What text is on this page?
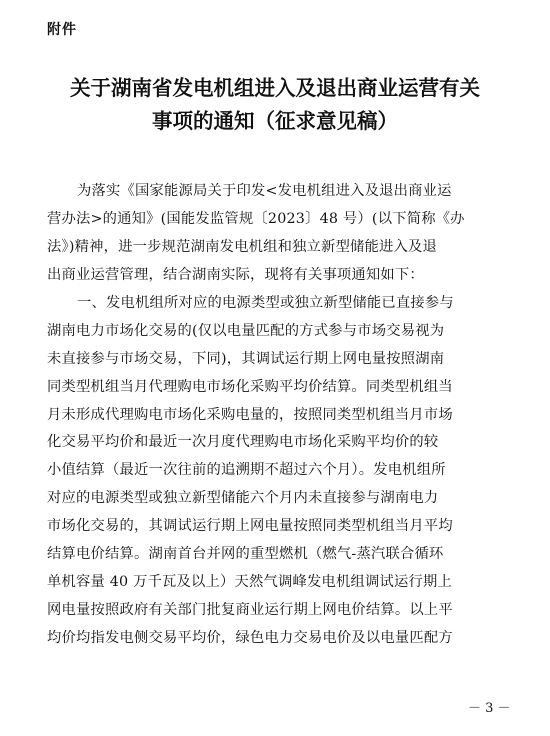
附件
关于湖南省发电机组进入及退出商业运营有关
事项的通知（征求意见稿）
为落实《国家能源局关于印发<发电机组进入及退出商业运
营办法>的通知》(国能发监管规〔2023〕48 号）(以下简称《办
法》)精神，进一步规范湖南发电机组和独立新型储能进入及退
出商业运营管理，结合湖南实际，现将有关事项通知如下：
一、发电机组所对应的电源类型或独立新型储能已直接参与
湖南电力市场化交易的(仅以电量匹配的方式参与市场交易视为
未直接参与市场交易，下同)，其调试运行期上网电量按照湖南
同类型机组当月代理购电市场化采购平均价结算。同类型机组当
月未形成代理购电市场化采购电量的，按照同类型机组当月市场
化交易平均价和最近一次月度代理购电市场化采购平均价的较
小值结算（最近一次往前的追溯期不超过六个月）。发电机组所
对应的电源类型或独立新型储能六个月内未直接参与湖南电力
市场化交易的，其调试运行期上网电量按照同类型机组当月平均
结算电价结算。湖南首台并网的重型燃机（燃气-蒸汽联合循环
单机容量 40 万千瓦及以上）天然气调峰发电机组调试运行期上
网电量按照政府有关部门批复商业运行期上网电价结算。以上平
均价均指发电侧交易平均价，绿色电力交易电价及以电量匹配方
－ 3 －
